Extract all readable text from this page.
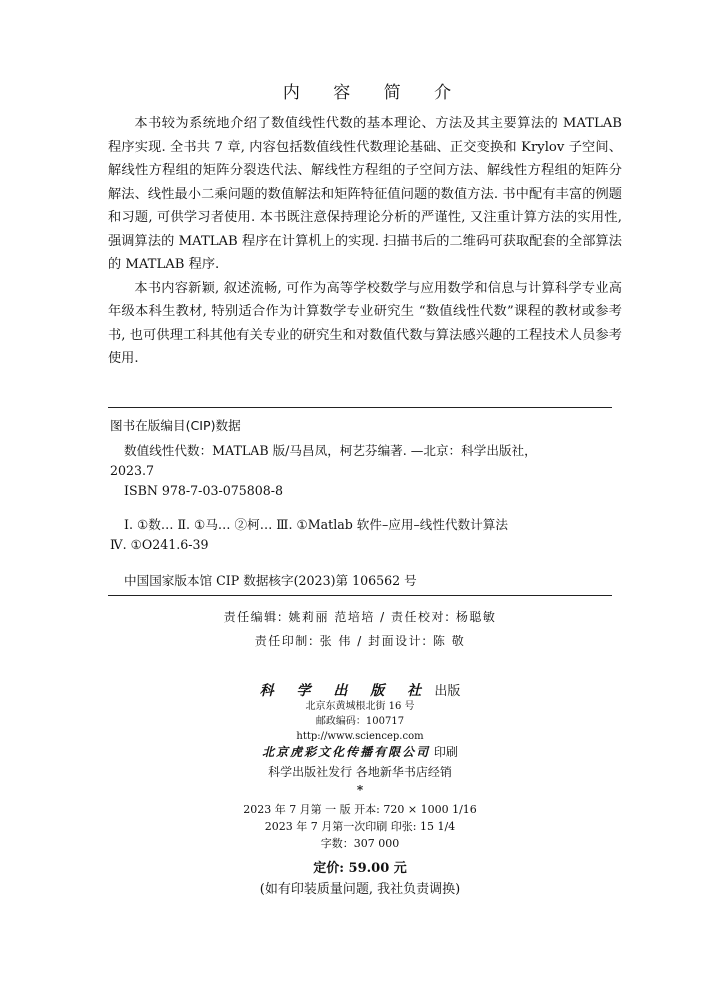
内 容 简 介

本书较为系统地介绍了数值线性代数的基本理论、方法及其主要算法的 MATLAB 程序实现. 全书共 7 章, 内容包括数值线性代数理论基础、正交变换和 Krylov 子空间、解线性方程组的矩阵分裂迭代法、解线性方程组的子空间方法、解线性方程组的矩阵分解法、线性最小二乘问题的数值解法和矩阵特征值问题的数值方法. 书中配有丰富的例题和习题, 可供学习者使用. 本书既注意保持理论分析的严谨性, 又注重计算方法的实用性, 强调算法的 MATLAB 程序在计算机上的实现. 扫描书后的二维码可获取配套的全部算法的 MATLAB 程序.

本书内容新颖, 叙述流畅, 可作为高等学校数学与应用数学和信息与计算科学专业高年级本科生教材, 特别适合作为计算数学专业研究生 “数值线性代数”课程的教材或参考书, 也可供理工科其他有关专业的研究生和对数值代数与算法感兴趣的工程技术人员参考使用.

图书在版编目(CIP)数据
数值线性代数：MATLAB 版/马昌凤，柯艺芬编著. —北京：科学出版社，
2023.7
ISBN 978-7-03-075808-8
Ⅰ. ①数… Ⅱ. ①马… ②柯… Ⅲ. ①Matlab 软件–应用–线性代数计算法
Ⅳ. ①O241.6-39
中国国家版本馆 CIP 数据核字(2023)第 106562 号
责任编辑: 姚莉丽 范培培 / 责任校对: 杨聪敏
责任印制: 张 伟 / 封面设计: 陈 敬
科 学 出 版 社 出版
北京东黄城根北街 16 号
邮政编码：100717
http://www.sciencep.com
北京虎彩文化传播有限公司 印刷
科学出版社发行 各地新华书店经销
*
2023 年 7 月第 一 版 开本: 720 × 1000 1/16
2023 年 7 月第一次印刷 印张: 15 1/4
字数：307 000
定价: 59.00 元
(如有印装质量问题, 我社负责调换)
